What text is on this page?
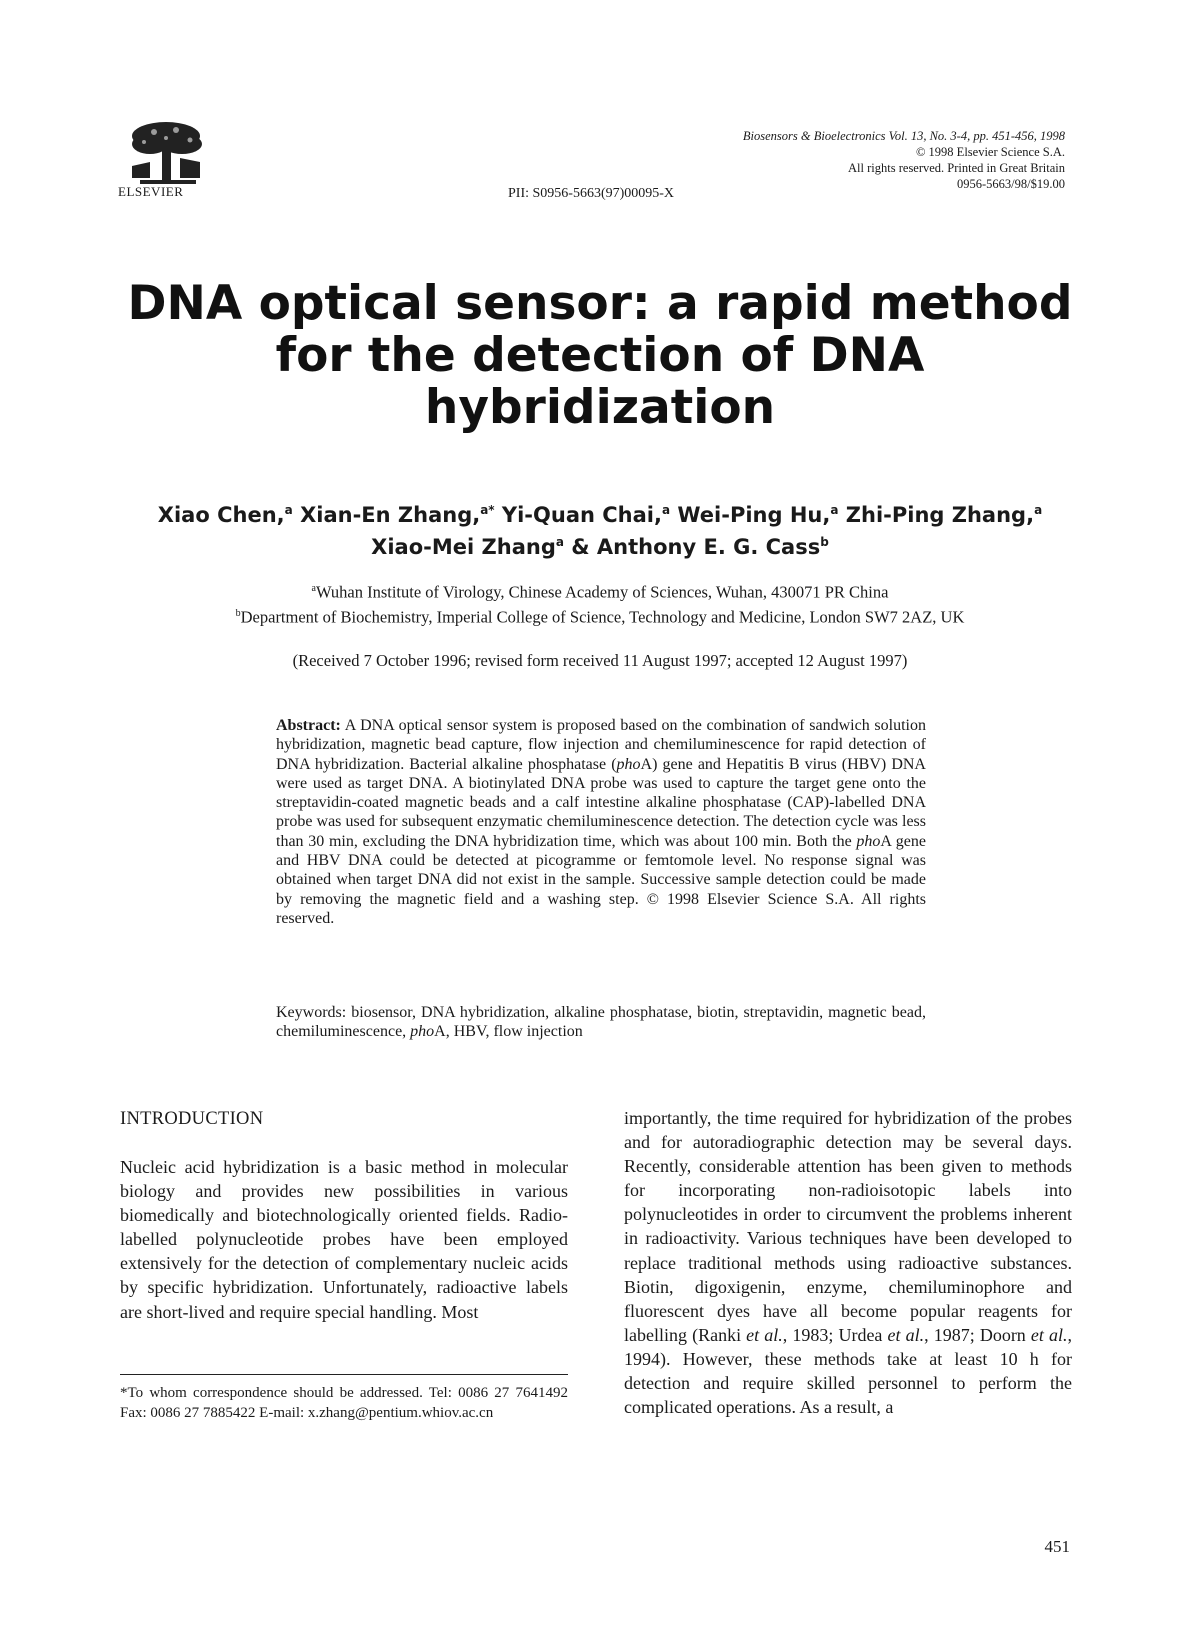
ELSEVIER	PII: S0956-5663(97)00095-X
Biosensors & Bioelectronics Vol. 13, No. 3-4, pp. 451-456, 1998
© 1998 Elsevier Science S.A.
All rights reserved. Printed in Great Britain
0956-5663/98/$19.00
DNA optical sensor: a rapid method
for the detection of DNA
hybridization
Xiao Chen,$^a$ Xian-En Zhang,$^{a*}$ Yi-Quan Chai,$^a$ Wei-Ping Hu,$^a$ Zhi-Ping Zhang,$^a$
Xiao-Mei Zhang$^a$ & Anthony E. G. Cass$^b$
$^a$Wuhan Institute of Virology, Chinese Academy of Sciences, Wuhan, 430071 PR China
$^b$Department of Biochemistry, Imperial College of Science, Technology and Medicine, London SW7 2AZ, UK
(Received 7 October 1996; revised form received 11 August 1997; accepted 12 August 1997)
Abstract: A DNA optical sensor system is proposed based on the combination of sandwich solution hybridization, magnetic bead capture, flow injection and chemiluminescence for rapid detection of DNA hybridization. Bacterial alkaline phosphatase (phoA) gene and Hepatitis B virus (HBV) DNA were used as target DNA. A biotinylated DNA probe was used to capture the target gene onto the streptavidin-coated magnetic beads and a calf intestine alkaline phosphatase (CAP)-labelled DNA probe was used for subsequent enzymatic chemiluminescence detection. The detection cycle was less than 30 min, excluding the DNA hybridization time, which was about 100 min. Both the phoA gene and HBV DNA could be detected at picogramme or femtomole level. No response signal was obtained when target DNA did not exist in the sample. Successive sample detection could be made by removing the magnetic field and a washing step. © 1998 Elsevier Science S.A. All rights reserved.
Keywords: biosensor, DNA hybridization, alkaline phosphatase, biotin, streptavidin, magnetic bead, chemiluminescence, phoA, HBV, flow injection
INTRODUCTION
Nucleic acid hybridization is a basic method in molecular biology and provides new possibilities in various biomedically and biotechnologically oriented fields. Radio-labelled polynucleotide probes have been employed extensively for the detection of complementary nucleic acids by specific hybridization. Unfortunately, radioactive labels are short-lived and require special handling. Most
importantly, the time required for hybridization of the probes and for autoradiographic detection may be several days. Recently, considerable attention has been given to methods for incorporating non-radioisotopic labels into polynucleotides in order to circumvent the problems inherent in radioactivity. Various techniques have been developed to replace traditional methods using radioactive substances. Biotin, digoxigenin, enzyme, chemiluminophore and fluorescent dyes have all become popular reagents for labelling (Ranki et al., 1983; Urdea et al., 1987; Doorn et al., 1994). However, these methods take at least 10 h for detection and require skilled personnel to perform the complicated operations. As a result, a
*To whom correspondence should be addressed. Tel: 0086 27 7641492 Fax: 0086 27 7885422 E-mail: x.zhang@pentium.whiov.ac.cn
451
